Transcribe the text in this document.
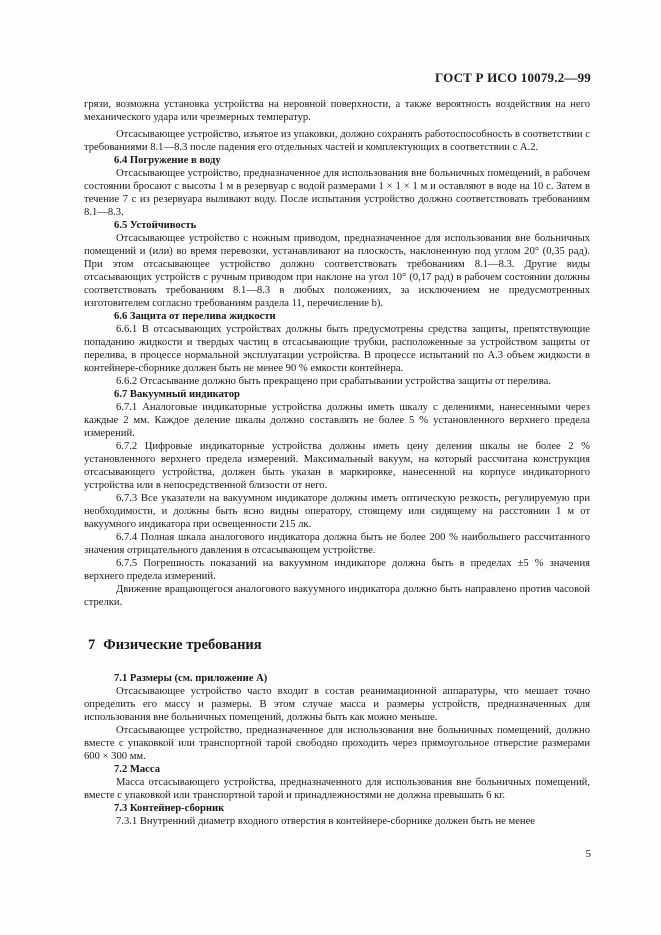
ГОСТ Р ИСО 10079.2—99

грязи, возможна установка устройства на неровной поверхности, а также вероятность воздействия на него механического удара или чрезмерных температур.

Отсасывающее устройство, изъятое из упаковки, должно сохранять работоспособность в соответствии с требованиями 8.1—8.3 после падения его отдельных частей и комплектующих в соответствии с А.2.

6.4 Погружение в воду

Отсасывающее устройство, предназначенное для использования вне больничных помещений, в рабочем состоянии бросают с высоты 1 м в резервуар с водой размерами 1 × 1 × 1 м и оставляют в воде на 10 с. Затем в течение 7 с из резервуара выливают воду. После испытания устройство должно соответствовать требованиям 8.1—8.3.

6.5 Устойчивость

Отсасывающее устройство с ножным приводом, предназначенное для использования вне больничных помещений и (или) во время перевозки, устанавливают на плоскость, наклоненную под углом 20° (0,35 рад). При этом отсасывающее устройство должно соответствовать требованиям 8.1—8.3. Другие виды отсасывающих устройств с ручным приводом при наклоне на угол 10° (0,17 рад) в рабочем состоянии должны соответствовать требованиям 8.1—8.3 в любых положениях, за исключением не предусмотренных изготовителем согласно требованиям раздела 11, перечисление b).

6.6 Защита от перелива жидкости

6.6.1 В отсасывающих устройствах должны быть предусмотрены средства защиты, препятствующие попаданию жидкости и твердых частиц в отсасывающие трубки, расположенные за устройством защиты от перелива, в процессе нормальной эксплуатации устройства. В процессе испытаний по А.3 объем жидкости в контейнере-сборнике должен быть не менее 90 % емкости контейнера.

6.6.2 Отсасывание должно быть прекращено при срабатывании устройства защиты от перелива.

6.7 Вакуумный индикатор

6.7.1 Аналоговые индикаторные устройства должны иметь шкалу с делениями, нанесенными через каждые 2 мм. Каждое деление шкалы должно составлять не более 5 % установленного верхнего предела измерений.

6.7.2 Цифровые индикаторные устройства должны иметь цену деления шкалы не более 2 % установленного верхнего предела измерений. Максимальный вакуум, на который рассчитана конструкция отсасывающего устройства, должен быть указан в маркировке, нанесенной на корпусе индикаторного устройства или в непосредственной близости от него.

6.7.3 Все указатели на вакуумном индикаторе должны иметь оптическую резкость, регулируемую при необходимости, и должны быть ясно видны оператору, стоящему или сидящему на расстоянии 1 м от вакуумного индикатора при освещенности 215 лк.

6.7.4 Полная шкала аналогового индикатора должна быть не более 200 % наибольшего рассчитанного значения отрицательного давления в отсасывающем устройстве.

6.7.5 Погрешность показаний на вакуумном индикаторе должна быть в пределах ±5 % значения верхнего предела измерений.

Движение вращающегося аналогового вакуумного индикатора должно быть направлено против часовой стрелки.

7 Физические требования

7.1 Размеры (см. приложение А)

Отсасывающее устройство часто входит в состав реанимационной аппаратуры, что мешает точно определить его массу и размеры. В этом случае масса и размеры устройств, предназначенных для использования вне больничных помещений, должны быть как можно меньше.

Отсасывающее устройство, предназначенное для использования вне больничных помещений, должно вместе с упаковкой или транспортной тарой свободно проходить через прямоугольное отверстие размерами 600 × 300 мм.

7.2 Масса

Масса отсасывающего устройства, предназначенного для использования вне больничных помещений, вместе с упаковкой или транспортной тарой и принадлежностями не должна превышать 6 кг.

7.3 Контейнер-сборник

7.3.1 Внутренний диаметр входного отверстия в контейнере-сборнике должен быть не менее

5
